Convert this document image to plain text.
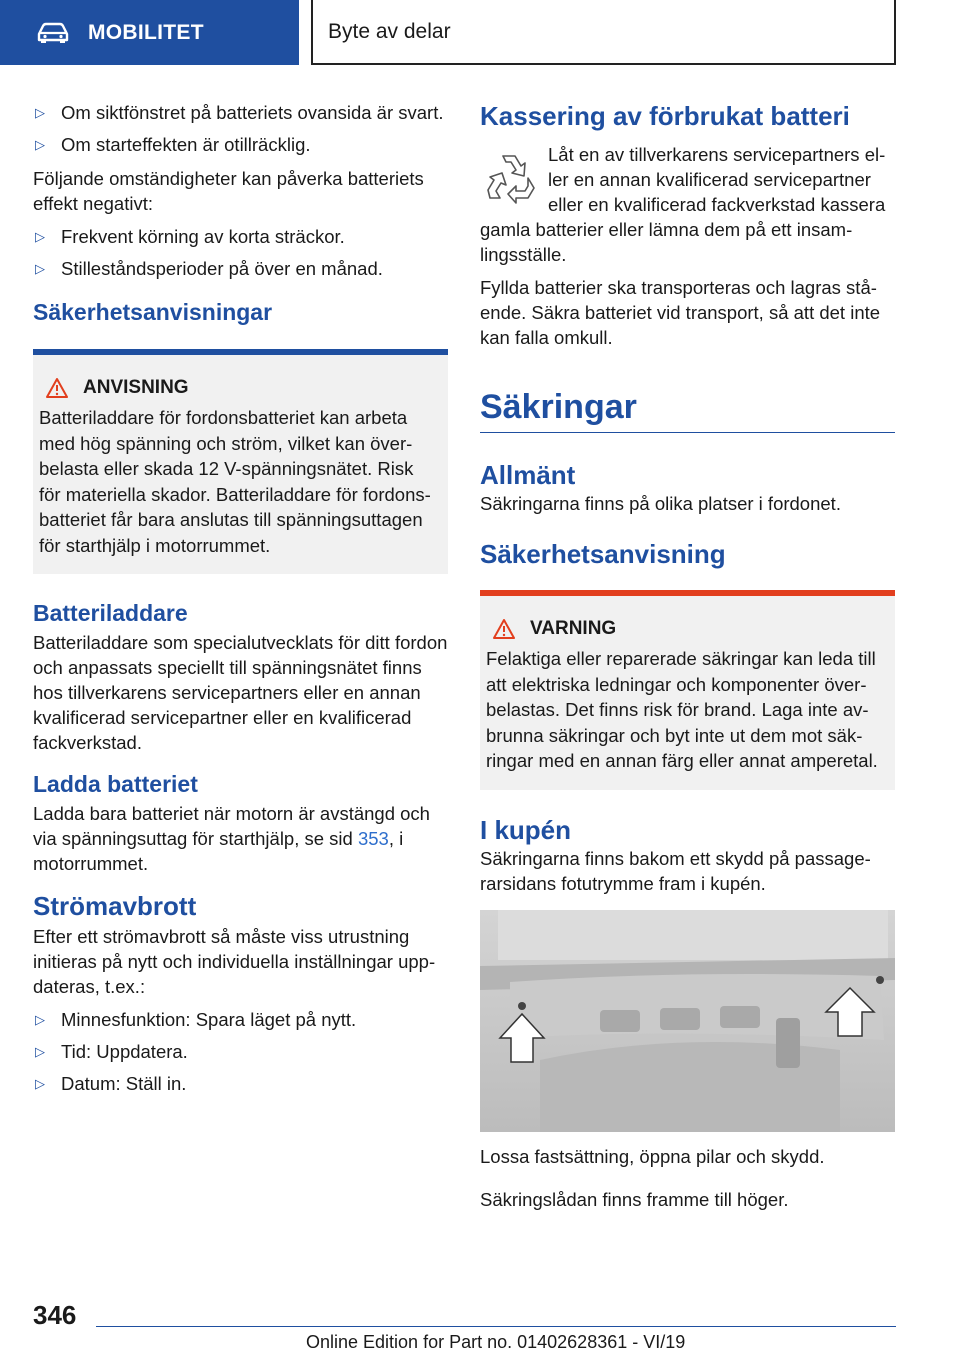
MOBILITET	Byte av delar
▷ Om siktfönstret på batteriets ovansida är svart.
▷ Om starteffekten är otillräcklig.

Följande omständigheter kan påverka batteriets effekt negativt:

▷ Frekvent körning av korta sträckor.
▷ Stilleståndsperioder på över en månad.
Säkerhetsanvisningar
ANVISNING

Batteriladdare för fordonsbatteriet kan arbeta med hög spänning och ström, vilket kan överbelasta eller skada 12 V-spänningsnätet. Risk för materiella skador. Batteriladdare för fordonsbatteriet får bara anslutas till spänningsuttagen för starthjälp i motorrummet.

Batteriladdare

Batteriladdare som specialutvecklats för ditt fordon och anpassats speciellt till spänningsnätet finns hos tillverkarens servicepartners eller en annan kvalificerad servicepartner eller en kvalificerad fackverkstad.

Ladda batteriet

Ladda bara batteriet när motorn är avstängd och via spänningsuttag för starthjälp, se sid 353, i motorrummet.

Strömavbrott

Efter ett strömavbrott så måste viss utrustning initieras på nytt och individuella inställningar uppdateras, t.ex.:

▷ Minnesfunktion: Spara läget på nytt.
▷ Tid: Uppdatera.
▷ Datum: Ställ in.
Kassering av förbrukat batteri

Låt en av tillverkarens servicepartners eller en annan kvalificerad servicepartner eller en kvalificerad fackverkstad kassera gamla batterier eller lämna dem på ett insamlingsställe.

Fyllda batterier ska transporteras och lagras stående. Säkra batteriet vid transport, så att det inte kan falla omkull.

Säkringar
Allmänt

Säkringarna finns på olika platser i fordonet.

Säkerhetsanvisning
VARNING

Felaktiga eller reparerade säkringar kan leda till att elektriska ledningar och komponenter överbelastas. Det finns risk för brand. Laga inte avbrunna säkringar och byt inte ut dem mot säkringar med en annan färg eller annat amperetal.

I kupén

Säkringarna finns bakom ett skydd på passagerarsidans fotutrymme fram i kupén.

Lossa fastsättning, öppna pilar och skydd.

Säkringslådan finns framme till höger.

346
Online Edition for Part no. 01402628361 - VI/19
